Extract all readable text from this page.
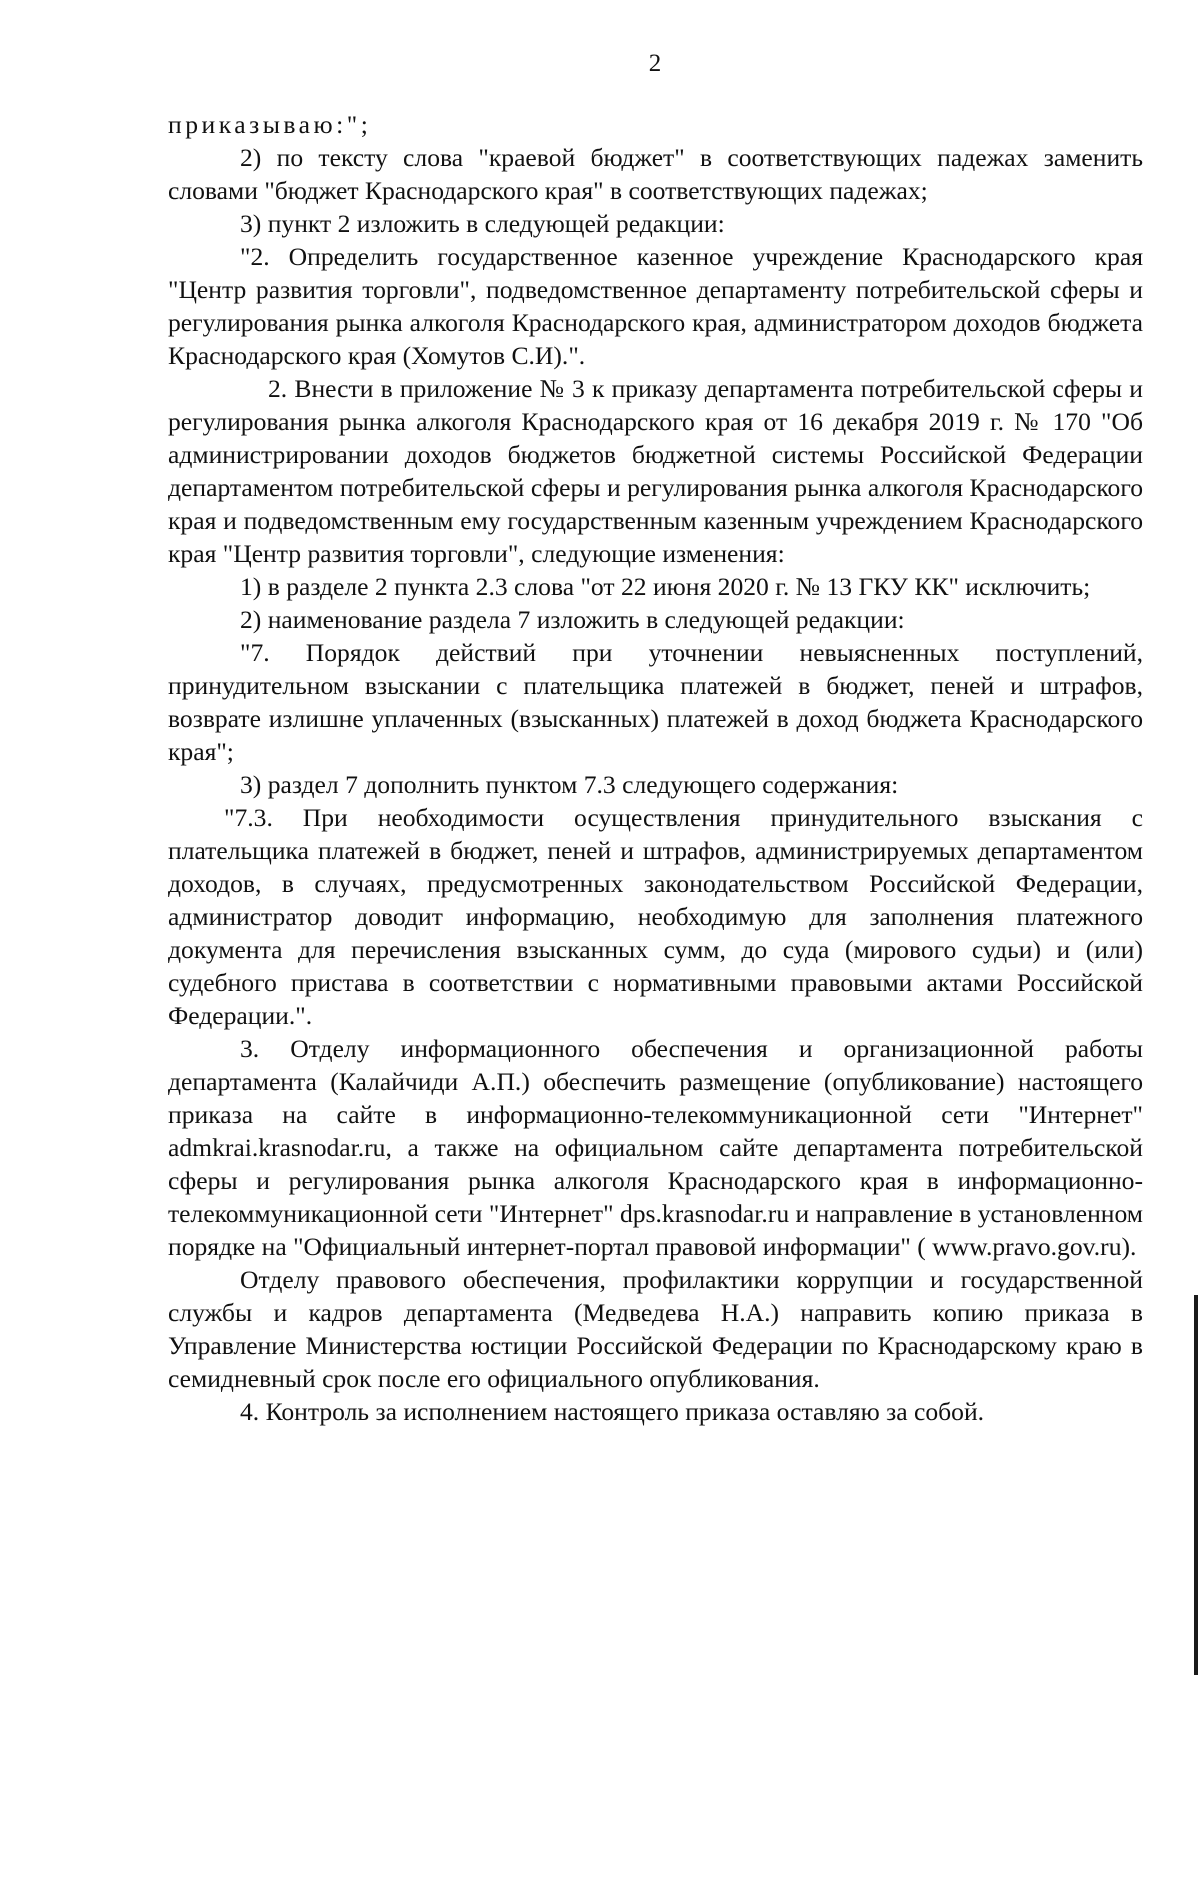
2

приказываю:";

2) по тексту слова "краевой бюджет" в соответствующих падежах заменить словами "бюджет Краснодарского края" в соответствующих падежах;

3) пункт 2 изложить в следующей редакции:

"2. Определить государственное казенное учреждение Краснодарского края "Центр развития торговли", подведомственное департаменту потребительской сферы и регулирования рынка алкоголя Краснодарского края, администратором доходов бюджета Краснодарского края (Хомутов С.И).".

2. Внести в приложение № 3 к приказу департамента потребительской сферы и регулирования рынка алкоголя Краснодарского края от 16 декабря 2019 г. № 170 "Об администрировании доходов бюджетов бюджетной системы Российской Федерации департаментом потребительской сферы и регулирования рынка алкоголя Краснодарского края и подведомственным ему государственным казенным учреждением Краснодарского края "Центр развития торговли", следующие изменения:

1) в разделе 2 пункта 2.3 слова "от 22 июня 2020 г. № 13 ГКУ КК" исключить;

2) наименование раздела 7 изложить в следующей редакции:

"7. Порядок действий при уточнении невыясненных поступлений, принудительном взыскании с плательщика платежей в бюджет, пеней и штрафов, возврате излишне уплаченных (взысканных) платежей в доход бюджета Краснодарского края";

3) раздел 7 дополнить пунктом 7.3 следующего содержания:

"7.3. При необходимости осуществления принудительного взыскания с плательщика платежей в бюджет, пеней и штрафов, администрируемых департаментом доходов, в случаях, предусмотренных законодательством Российской Федерации, администратор доводит информацию, необходимую для заполнения платежного документа для перечисления взысканных сумм, до суда (мирового судьи) и (или) судебного пристава в соответствии с нормативными правовыми актами Российской Федерации.".

3. Отделу информационного обеспечения и организационной работы департамента (Калайчиди А.П.) обеспечить размещение (опубликование) настоящего приказа на сайте в информационно-телекоммуникационной сети "Интернет" admkrai.krasnodar.ru, а также на официальном сайте департамента потребительской сферы и регулирования рынка алкоголя Краснодарского края в информационно-телекоммуникационной сети "Интернет" dps.krasnodar.ru и направление в установленном порядке на "Официальный интернет-портал правовой информации" ( www.pravo.gov.ru).

Отделу правового обеспечения, профилактики коррупции и государственной службы и кадров департамента (Медведева Н.А.) направить копию приказа в Управление Министерства юстиции Российской Федерации по Краснодарскому краю в семидневный срок после его официального опубликования.

4. Контроль за исполнением настоящего приказа оставляю за собой.
